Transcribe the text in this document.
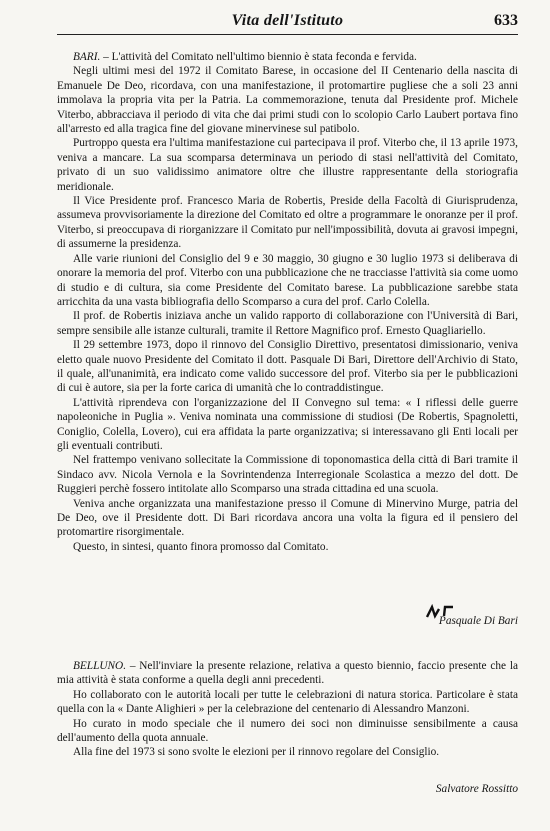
Vita dell'Istituto	633

BARI. – L'attività del Comitato nell'ultimo biennio è stata feconda e fervida.

Negli ultimi mesi del 1972 il Comitato Barese, in occasione del II Centenario della nascita di Emanuele De Deo, ricordava, con una manifestazione, il protomartire pugliese che a soli 23 anni immolava la propria vita per la Patria. La commemorazione, tenuta dal Presidente prof. Michele Viterbo, abbracciava il periodo di vita che dai primi studi con lo scolopio Carlo Laubert portava fino all'arresto ed alla tragica fine del giovane minervinese sul patibolo.

Purtroppo questa era l'ultima manifestazione cui partecipava il prof. Viterbo che, il 13 aprile 1973, veniva a mancare. La sua scomparsa determinava un periodo di stasi nell'attività del Comitato, privato di un suo validissimo animatore oltre che illustre rappresentante della storiografia meridionale.

Il Vice Presidente prof. Francesco Maria de Robertis, Preside della Facoltà di Giurisprudenza, assumeva provvisoriamente la direzione del Comitato ed oltre a programmare le onoranze per il prof. Viterbo, si preoccupava di riorganizzare il Comitato pur nell'impossibilità, dovuta ai gravosi impegni, di assumerne la presidenza.

Alle varie riunioni del Consiglio del 9 e 30 maggio, 30 giugno e 30 luglio 1973 si deliberava di onorare la memoria del prof. Viterbo con una pubblicazione che ne tracciasse l'attività sia come uomo di studio e di cultura, sia come Presidente del Comitato barese. La pubblicazione sarebbe stata arricchita da una vasta bibliografia dello Scomparso a cura del prof. Carlo Colella.

Il prof. de Robertis iniziava anche un valido rapporto di collaborazione con l'Università di Bari, sempre sensibile alle istanze culturali, tramite il Rettore Magnifico prof. Ernesto Quagliariello.

Il 29 settembre 1973, dopo il rinnovo del Consiglio Direttivo, presentatosi dimissionario, veniva eletto quale nuovo Presidente del Comitato il dott. Pasquale Di Bari, Direttore dell'Archivio di Stato, il quale, all'unanimità, era indicato come valido successore del prof. Viterbo sia per le pubblicazioni di cui è autore, sia per la forte carica di umanità che lo contraddistingue.

L'attività riprendeva con l'organizzazione del II Convegno sul tema: « I riflessi delle guerre napoleoniche in Puglia ». Veniva nominata una commissione di studiosi (De Robertis, Spagnoletti, Coniglio, Colella, Lovero), cui era affidata la parte organizzativa; si interessavano gli Enti locali per gli eventuali contributi.

Nel frattempo venivano sollecitate la Commissione di toponomastica della città di Bari tramite il Sindaco avv. Nicola Vernola e la Sovrintendenza Interregionale Scolastica a mezzo del dott. De Ruggieri perchè fossero intitolate allo Scomparso una strada cittadina ed una scuola.

Veniva anche organizzata una manifestazione presso il Comune di Minervino Murge, patria del De Deo, ove il Presidente dott. Di Bari ricordava ancora una volta la figura ed il pensiero del protomartire risorgimentale.

Questo, in sintesi, quanto finora promosso dal Comitato.

Pasquale Di Bari

BELLUNO. – Nell'inviare la presente relazione, relativa a questo biennio, faccio presente che la mia attività è stata conforme a quella degli anni precedenti.

Ho collaborato con le autorità locali per tutte le celebrazioni di natura storica. Particolare è stata quella con la « Dante Alighieri » per la celebrazione del centenario di Alessandro Manzoni.

Ho curato in modo speciale che il numero dei soci non diminuisse sensibilmente a causa dell'aumento della quota annuale.

Alla fine del 1973 si sono svolte le elezioni per il rinnovo regolare del Consiglio.

Salvatore Rossitto
